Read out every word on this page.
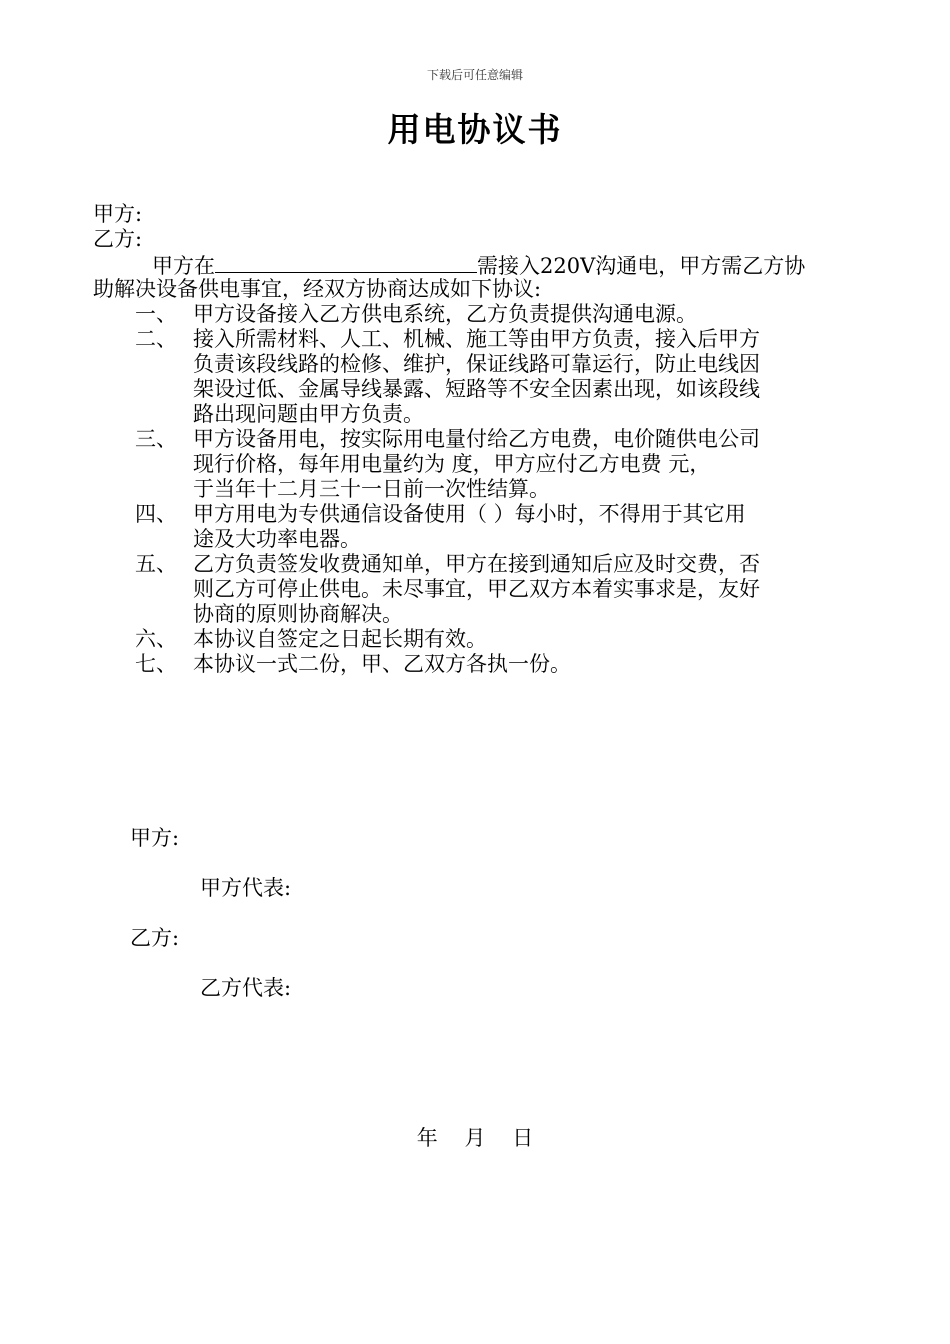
下载后可任意编辑
用电协议书
甲方:
乙方:
甲方在	需接入220V沟通电，甲方需乙方协
助解决设备供电事宜，经双方协商达成如下协议:
一、 甲方设备接入乙方供电系统，乙方负责提供沟通电源。
二、 接入所需材料、人工、机械、施工等由甲方负责，接入后甲方
负责该段线路的检修、维护，保证线路可靠运行，防止电线因
架设过低、金属导线暴露、短路等不安全因素出现，如该段线
路出现问题由甲方负责。
三、 甲方设备用电，按实际用电量付给乙方电费，电价随供电公司
现行价格，每年用电量约为 度，甲方应付乙方电费 元，
于当年十二月三十一日前一次性结算。
四、 甲方用电为专供通信设备使用（ ）每小时，不得用于其它用
途及大功率电器。
五、 乙方负责签发收费通知单，甲方在接到通知后应及时交费，否
则乙方可停止供电。未尽事宜，甲乙双方本着实事求是，友好
协商的原则协商解决。
六、 本协议自签定之日起长期有效。
七、 本协议一式二份，甲、乙双方各执一份。
甲方:
甲方代表:
乙方:
乙方代表:
年    月    日
